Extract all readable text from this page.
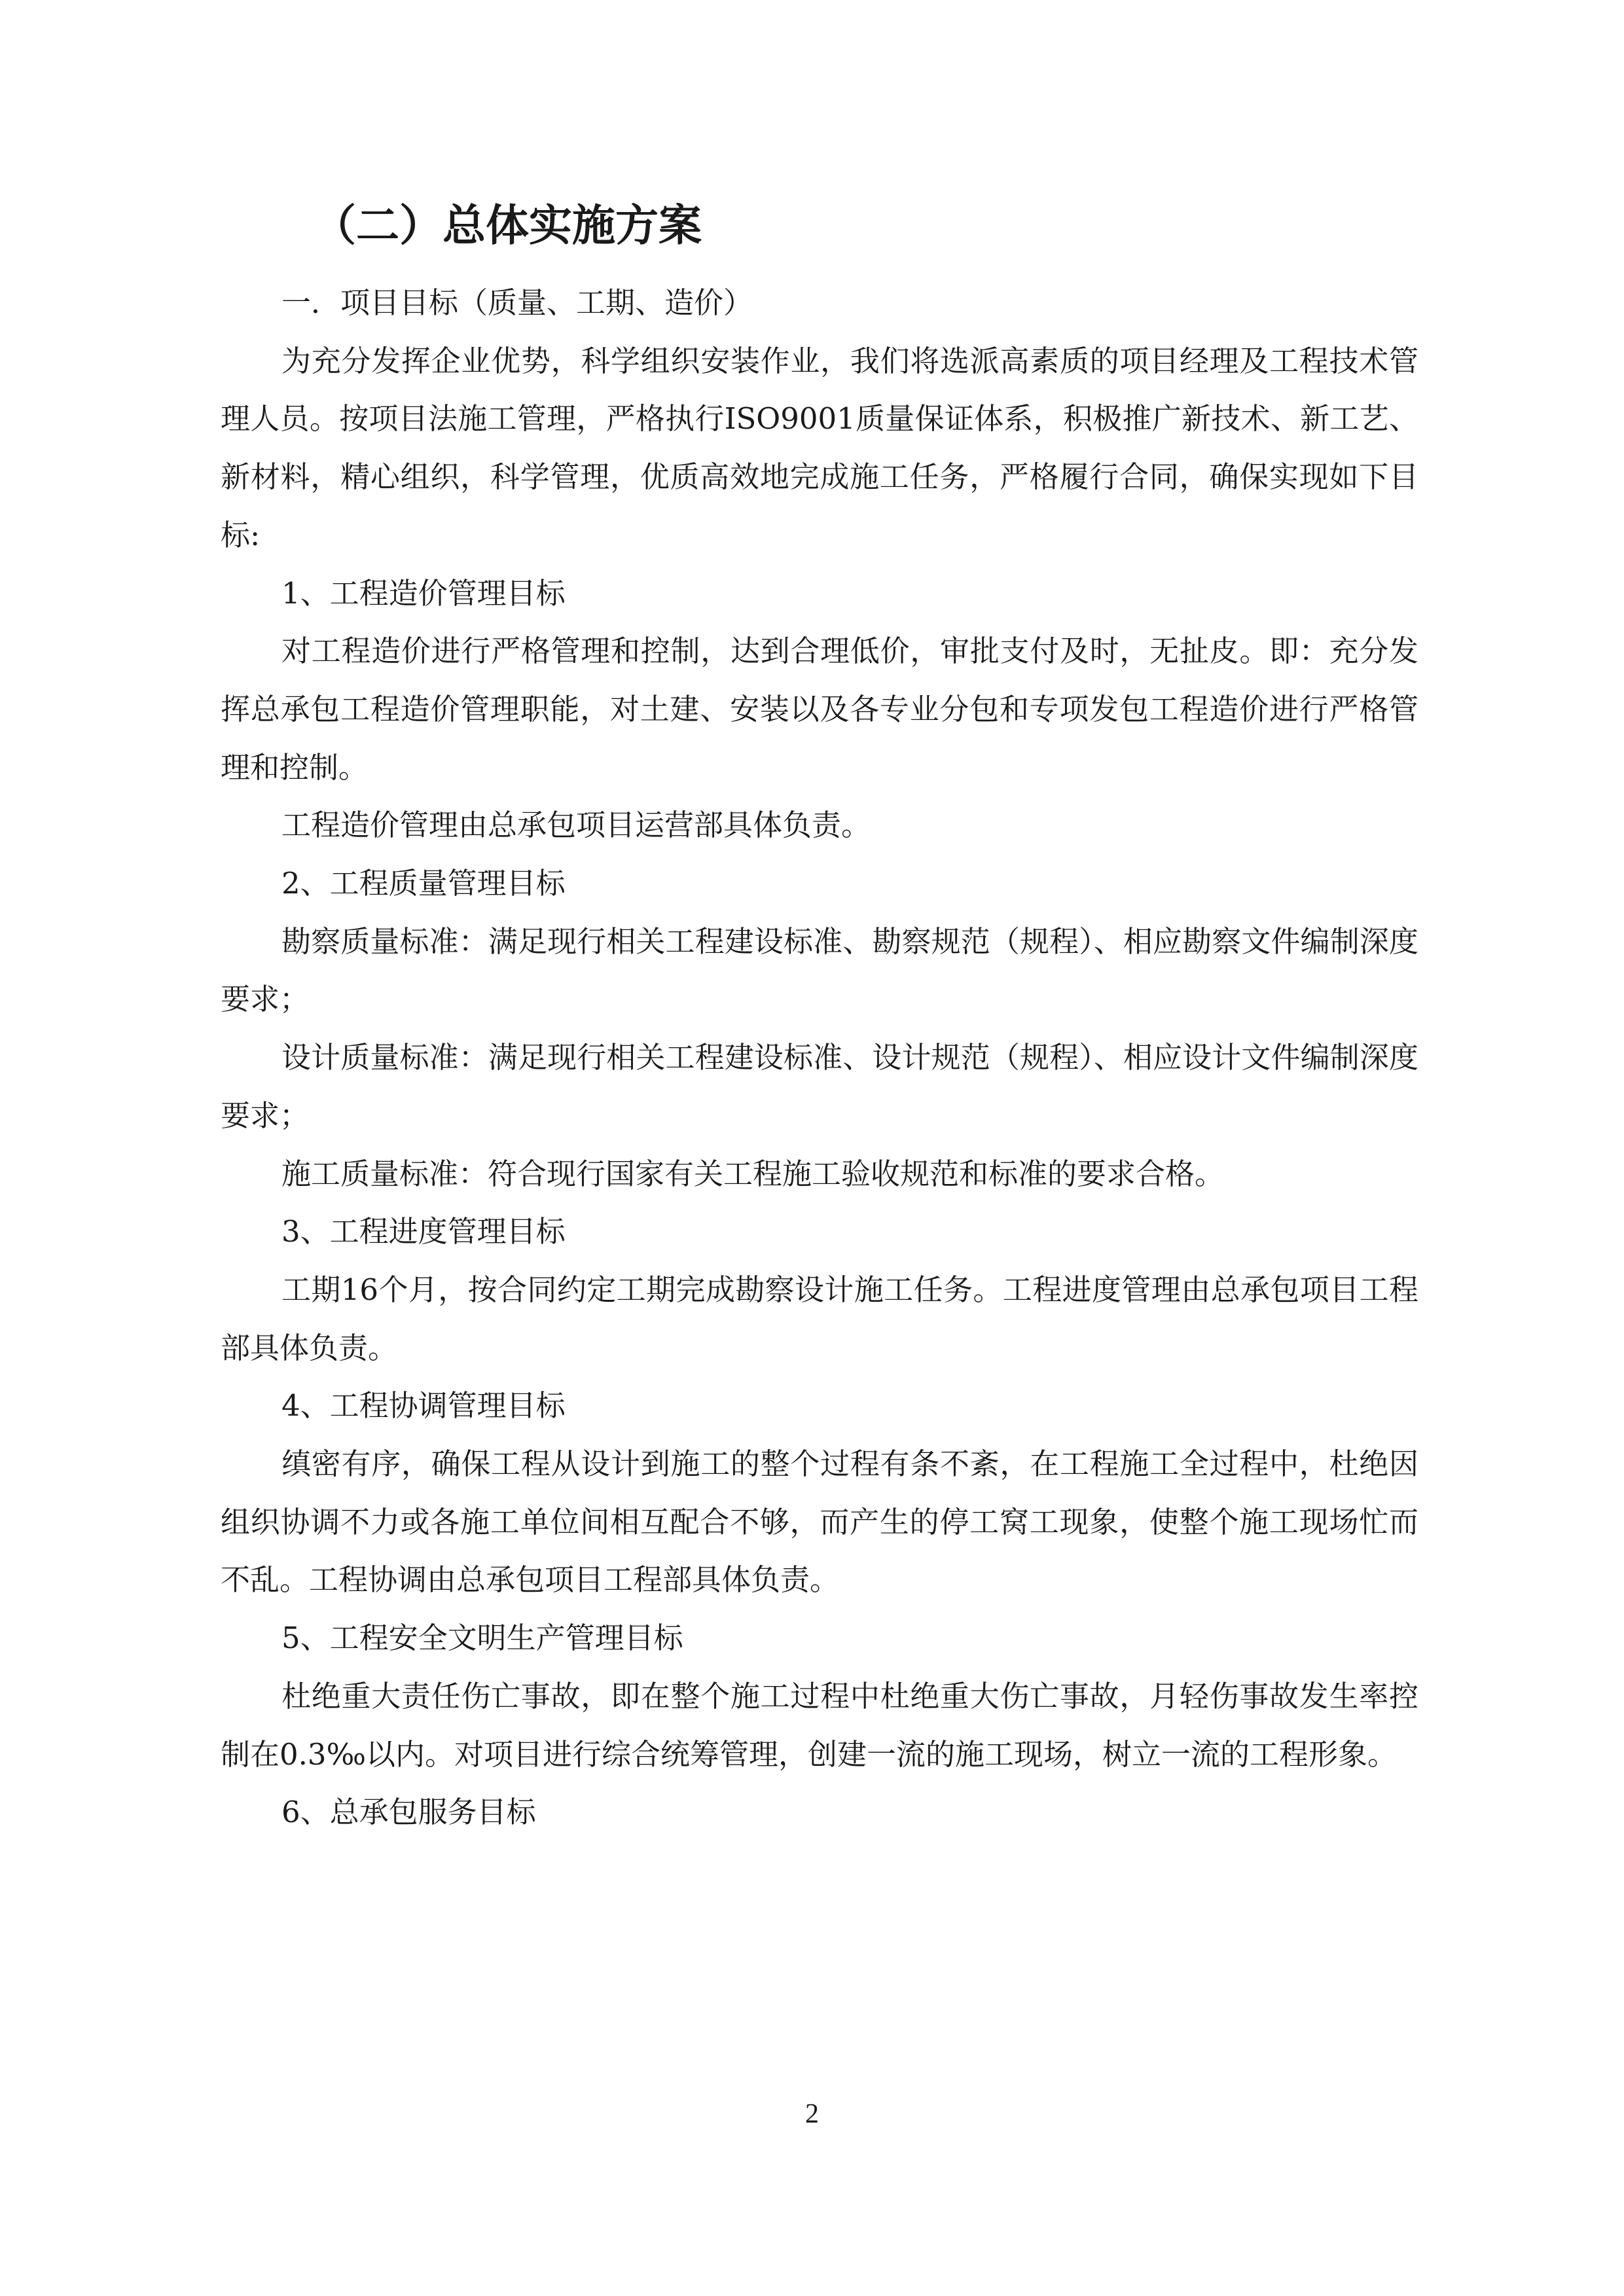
（二）总体实施方案

一．项目目标（质量、工期、造价）

为充分发挥企业优势，科学组织安装作业，我们将选派高素质的项目经理及工程技术管理人员。按项目法施工管理，严格执行ISO9001质量保证体系，积极推广新技术、新工艺、新材料，精心组织，科学管理，优质高效地完成施工任务，严格履行合同，确保实现如下目标:

1、工程造价管理目标

对工程造价进行严格管理和控制，达到合理低价，审批支付及时，无扯皮。即：充分发挥总承包工程造价管理职能，对土建、安装以及各专业分包和专项发包工程造价进行严格管理和控制。

工程造价管理由总承包项目运营部具体负责。

2、工程质量管理目标

勘察质量标准：满足现行相关工程建设标准、勘察规范（规程）、相应勘察文件编制深度要求；

设计质量标准：满足现行相关工程建设标准、设计规范（规程）、相应设计文件编制深度要求；

施工质量标准：符合现行国家有关工程施工验收规范和标准的要求合格。

3、工程进度管理目标

工期16个月，按合同约定工期完成勘察设计施工任务。工程进度管理由总承包项目工程部具体负责。

4、工程协调管理目标

缜密有序，确保工程从设计到施工的整个过程有条不紊，在工程施工全过程中，杜绝因组织协调不力或各施工单位间相互配合不够，而产生的停工窝工现象，使整个施工现场忙而不乱。工程协调由总承包项目工程部具体负责。

5、工程安全文明生产管理目标

杜绝重大责任伤亡事故，即在整个施工过程中杜绝重大伤亡事故，月轻伤事故发生率控制在0.3‰以内。对项目进行综合统筹管理，创建一流的施工现场，树立一流的工程形象。

6、总承包服务目标

2
